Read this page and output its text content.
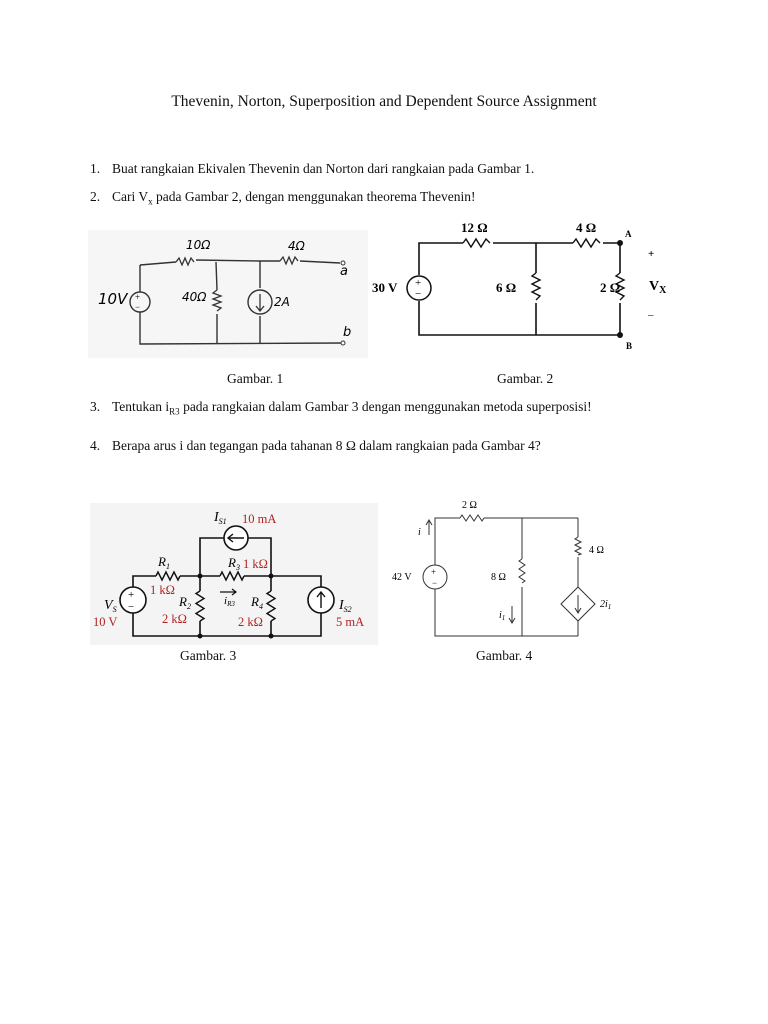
Thevenin, Norton, Superposition and Dependent Source Assignment
1. Buat rangkaian Ekivalen Thevenin dan Norton dari rangkaian pada Gambar 1.
2. Cari $V_x$ pada Gambar 2, dengan menggunakan theorema Thevenin!
3. Tentukan $i_{R3}$ pada rangkaian dalam Gambar 3 dengan menggunakan metoda superposisi!
4. Berapa arus i dan tegangan pada tahanan 8 Ω dalam rangkaian pada Gambar 4?
+
−
10V
10Ω	4Ω
40Ω	2A
a
b
+
−
12 Ω	4 Ω
6 Ω	2 Ω
30 V
A
B
+
–
$V_X$
Gambar. 1	Gambar. 2
+
−
$I_{S1}$ 10 mA
$R_1$
1 kΩ
$R_3$ 1 kΩ
$R_2$
2 kΩ
$R_4$
2 kΩ
iR3
$V_S$
10 V
$I_{S2}$
5 mA
+
−
2 Ω
4 Ω
8 Ω
42 V
i
$i_1$
$2i_1$
Gambar. 3	Gambar. 4
